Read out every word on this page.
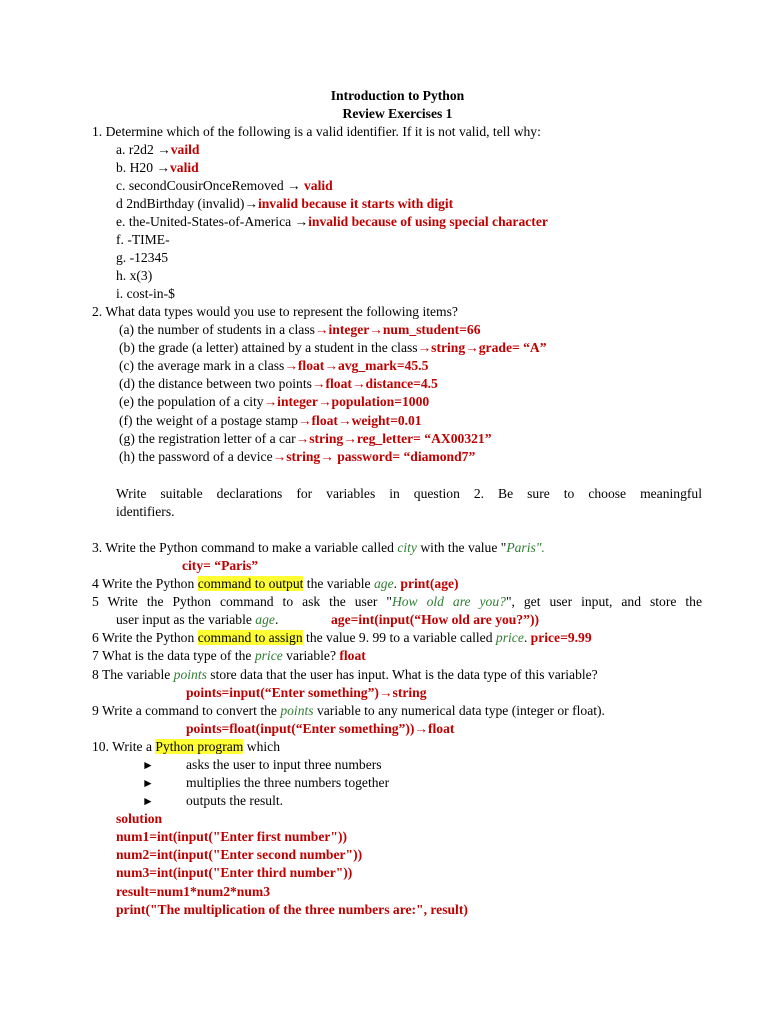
Introduction to Python
Review Exercises 1
1. Determine which of the following is a valid identifier. If it is not valid, tell why:
a. r2d2 →vaild
b. H20 →valid
c. secondCousirOnceRemoved → valid
d 2ndBirthday (invalid)→invalid because it starts with digit
e. the-United-States-of-America →invalid because of using special character
f. -TIME-
g. -12345
h. x(3)
i. cost-in-$
2. What data types would you use to represent the following items?
(a) the number of students in a class→integer→num_student=66
(b) the grade (a letter) attained by a student in the class→string→grade= “A”
(c) the average mark in a class→float→avg_mark=45.5
(d) the distance between two points→float→distance=4.5
(e) the population of a city→integer→population=1000
(f) the weight of a postage stamp→float→weight=0.01
(g) the registration letter of a car→string→reg_letter= “AX00321”
(h) the password of a device→string→ password= “diamond7”
Write suitable declarations for variables in question 2. Be sure to choose meaningful
identifiers.
3. Write the Python command to make a variable called city with the value "Paris".
city= “Paris”
4 Write the Python command to output the variable age. print(age)
5 Write the Python command to ask the user "How old are you?", get user input, and store the
user input as the variable age.	age=int(input(“How old are you?”))
6 Write the Python command to assign the value 9. 99 to a variable called price. price=9.99
7 What is the data type of the price variable? float
8 The variable points store data that the user has input. What is the data type of this variable?
points=input(“Enter something”)→string
9 Write a command to convert the points variable to any numerical data type (integer or float).
points=float(input(“Enter something”))→float
10. Write a Python program which
► asks the user to input three numbers
► multiplies the three numbers together
► outputs the result.
solution
num1=int(input("Enter first number"))
num2=int(input("Enter second number"))
num3=int(input("Enter third number"))
result=num1*num2*num3
print("The multiplication of the three numbers are:", result)
